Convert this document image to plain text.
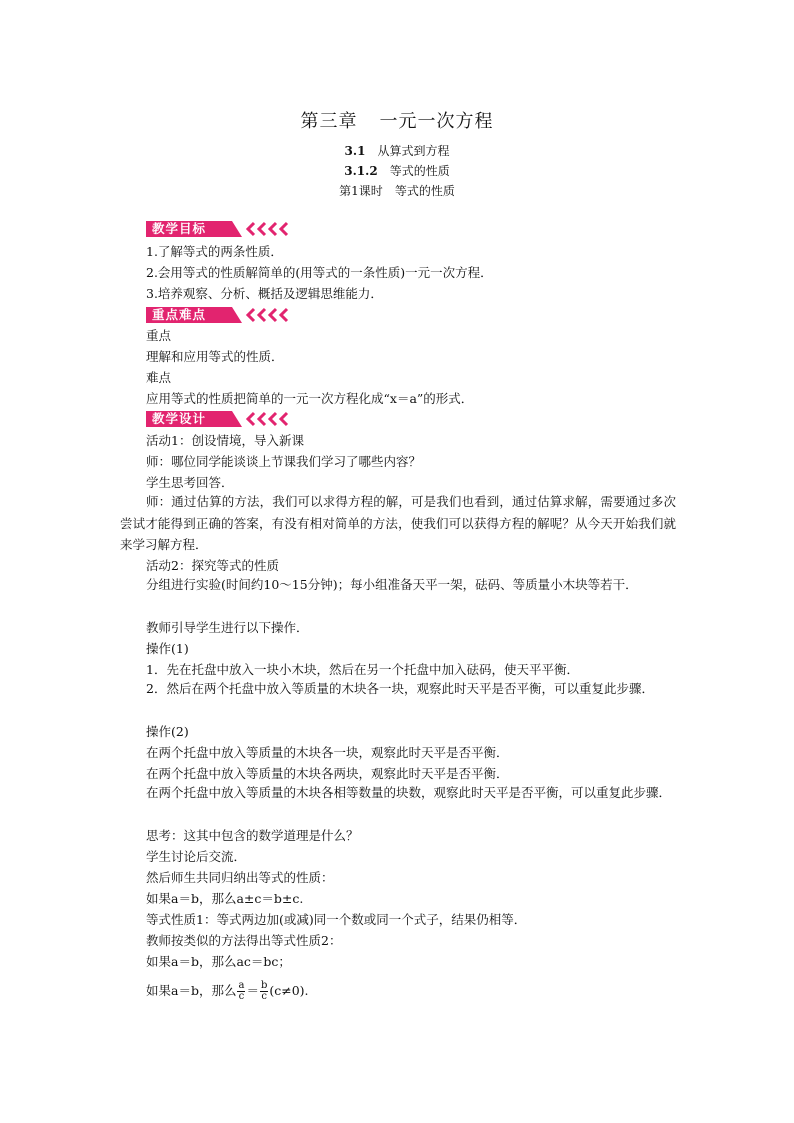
第三章 一元一次方程
3.1 从算式到方程
3.1.2 等式的性质
第1课时 等式的性质
教学目标
1.了解等式的两条性质．
2.会用等式的性质解简单的(用等式的一条性质)一元一次方程．
3.培养观察、分析、概括及逻辑思维能力．
重点难点
重点
理解和应用等式的性质．
难点
应用等式的性质把简单的一元一次方程化成“x＝a”的形式．
教学设计
活动1：创设情境，导入新课
师：哪位同学能谈谈上节课我们学习了哪些内容？
学生思考回答．
师：通过估算的方法，我们可以求得方程的解，可是我们也看到，通过估算求解，需要通过多次尝试才能得到正确的答案，有没有相对简单的方法，使我们可以获得方程的解呢？从今天开始我们就来学习解方程．
活动2：探究等式的性质
分组进行实验(时间约10～15分钟)；每小组准备天平一架，砝码、等质量小木块等若干．
教师引导学生进行以下操作．
操作(1)
1．先在托盘中放入一块小木块，然后在另一个托盘中加入砝码，使天平平衡．
2．然后在两个托盘中放入等质量的木块各一块，观察此时天平是否平衡，可以重复此步骤．
操作(2)
在两个托盘中放入等质量的木块各一块，观察此时天平是否平衡．
在两个托盘中放入等质量的木块各两块，观察此时天平是否平衡．
在两个托盘中放入等质量的木块各相等数量的块数，观察此时天平是否平衡，可以重复此步骤．
思考：这其中包含的数学道理是什么？
学生讨论后交流．
然后师生共同归纳出等式的性质：
如果a＝b，那么a±c＝b±c.
等式性质1：等式两边加(或减)同一个数或同一个式子，结果仍相等．
教师按类似的方法得出等式性质2：
如果a＝b，那么ac＝bc；
如果a＝b，那么 $\frac{a}{c} = \frac{b}{c} (c\ne 0)$.
